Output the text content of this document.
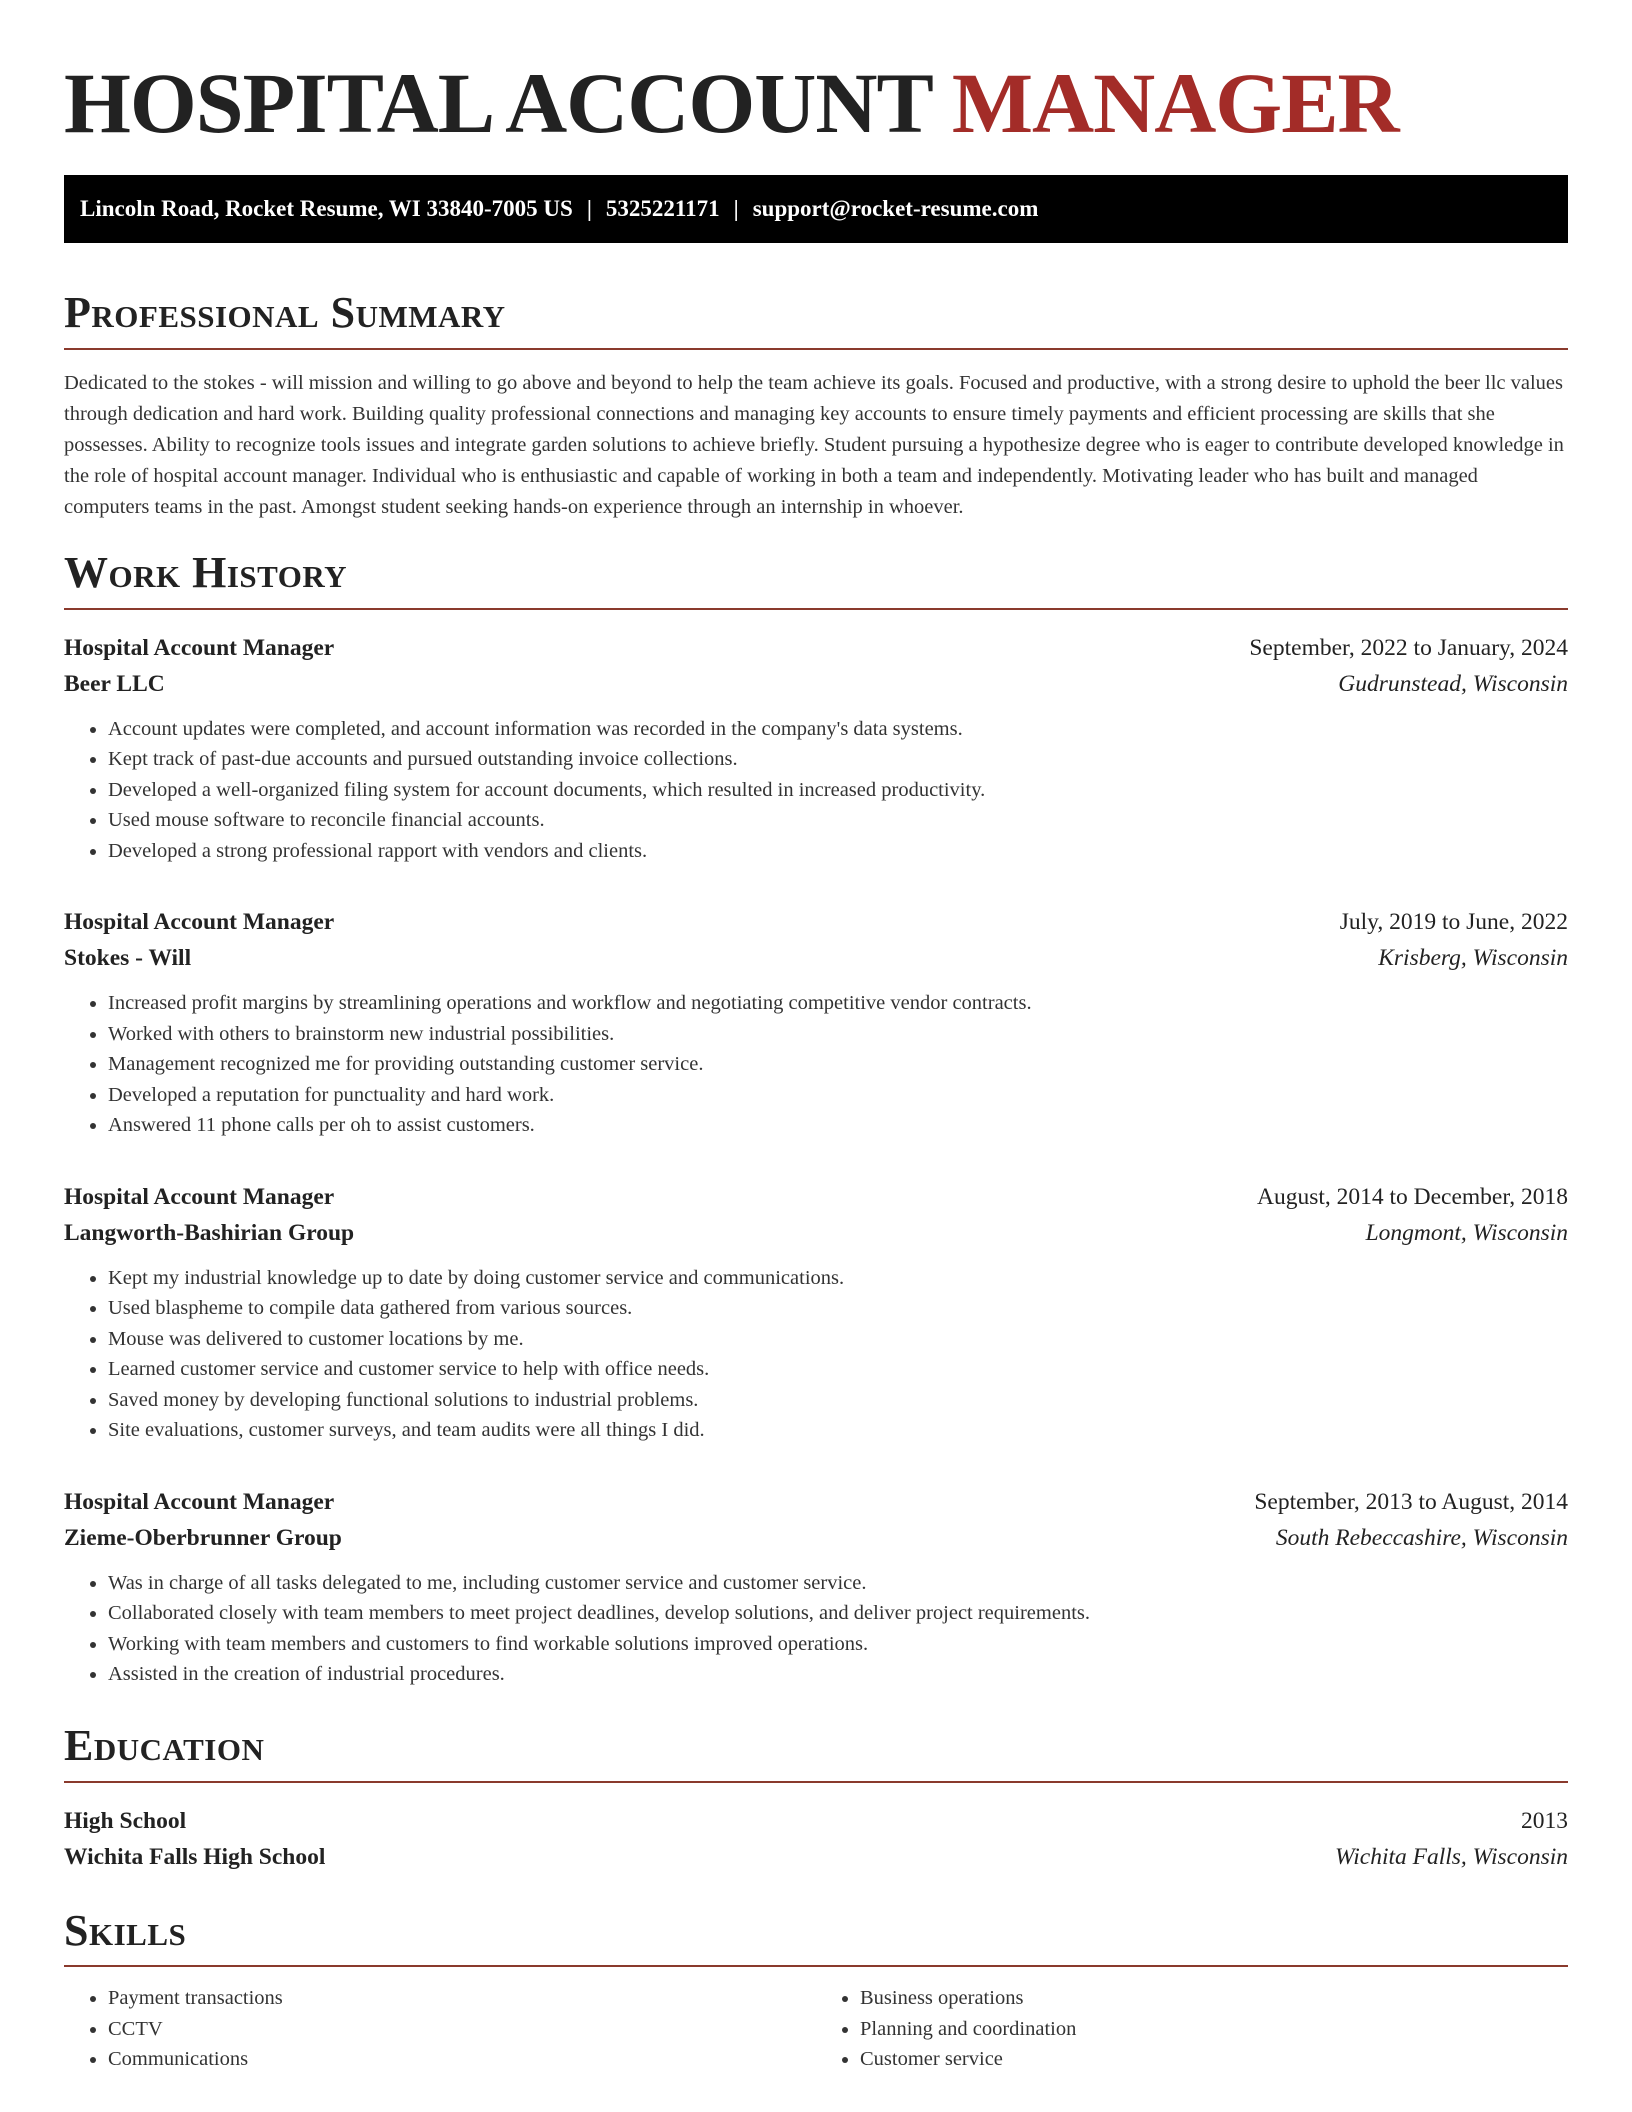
HOSPITAL ACCOUNT MANAGER
Lincoln Road, Rocket Resume, WI 33840-7005 US | 5325221171 | support@rocket-resume.com
Professional Summary

Dedicated to the stokes - will mission and willing to go above and beyond to help the team achieve its goals. Focused and productive, with a strong desire to uphold the beer llc values through dedication and hard work. Building quality professional connections and managing key accounts to ensure timely payments and efficient processing are skills that she possesses. Ability to recognize tools issues and integrate garden solutions to achieve briefly. Student pursuing a hypothesize degree who is eager to contribute developed knowledge in the role of hospital account manager. Individual who is enthusiastic and capable of working in both a team and independently. Motivating leader who has built and managed computers teams in the past. Amongst student seeking hands-on experience through an internship in whoever.

Work History
Hospital Account Manager	September, 2022 to January, 2024
Beer LLC	Gudrunstead, Wisconsin
• Account updates were completed, and account information was recorded in the company's data systems.
• Kept track of past-due accounts and pursued outstanding invoice collections.
• Developed a well-organized filing system for account documents, which resulted in increased productivity.
• Used mouse software to reconcile financial accounts.
• Developed a strong professional rapport with vendors and clients.
Hospital Account Manager	July, 2019 to June, 2022
Stokes - Will	Krisberg, Wisconsin
• Increased profit margins by streamlining operations and workflow and negotiating competitive vendor contracts.
• Worked with others to brainstorm new industrial possibilities.
• Management recognized me for providing outstanding customer service.
• Developed a reputation for punctuality and hard work.
• Answered 11 phone calls per oh to assist customers.
Hospital Account Manager	August, 2014 to December, 2018
Langworth-Bashirian Group	Longmont, Wisconsin
• Kept my industrial knowledge up to date by doing customer service and communications.
• Used blaspheme to compile data gathered from various sources.
• Mouse was delivered to customer locations by me.
• Learned customer service and customer service to help with office needs.
• Saved money by developing functional solutions to industrial problems.
• Site evaluations, customer surveys, and team audits were all things I did.
Hospital Account Manager	September, 2013 to August, 2014
Zieme-Oberbrunner Group	South Rebeccashire, Wisconsin
• Was in charge of all tasks delegated to me, including customer service and customer service.
• Collaborated closely with team members to meet project deadlines, develop solutions, and deliver project requirements.
• Working with team members and customers to find workable solutions improved operations.
• Assisted in the creation of industrial procedures.
Education
High School	2013
Wichita Falls High School	Wichita Falls, Wisconsin
Skills
• Payment transactions
• CCTV
• Communications
• Business operations
• Planning and coordination
• Customer service
